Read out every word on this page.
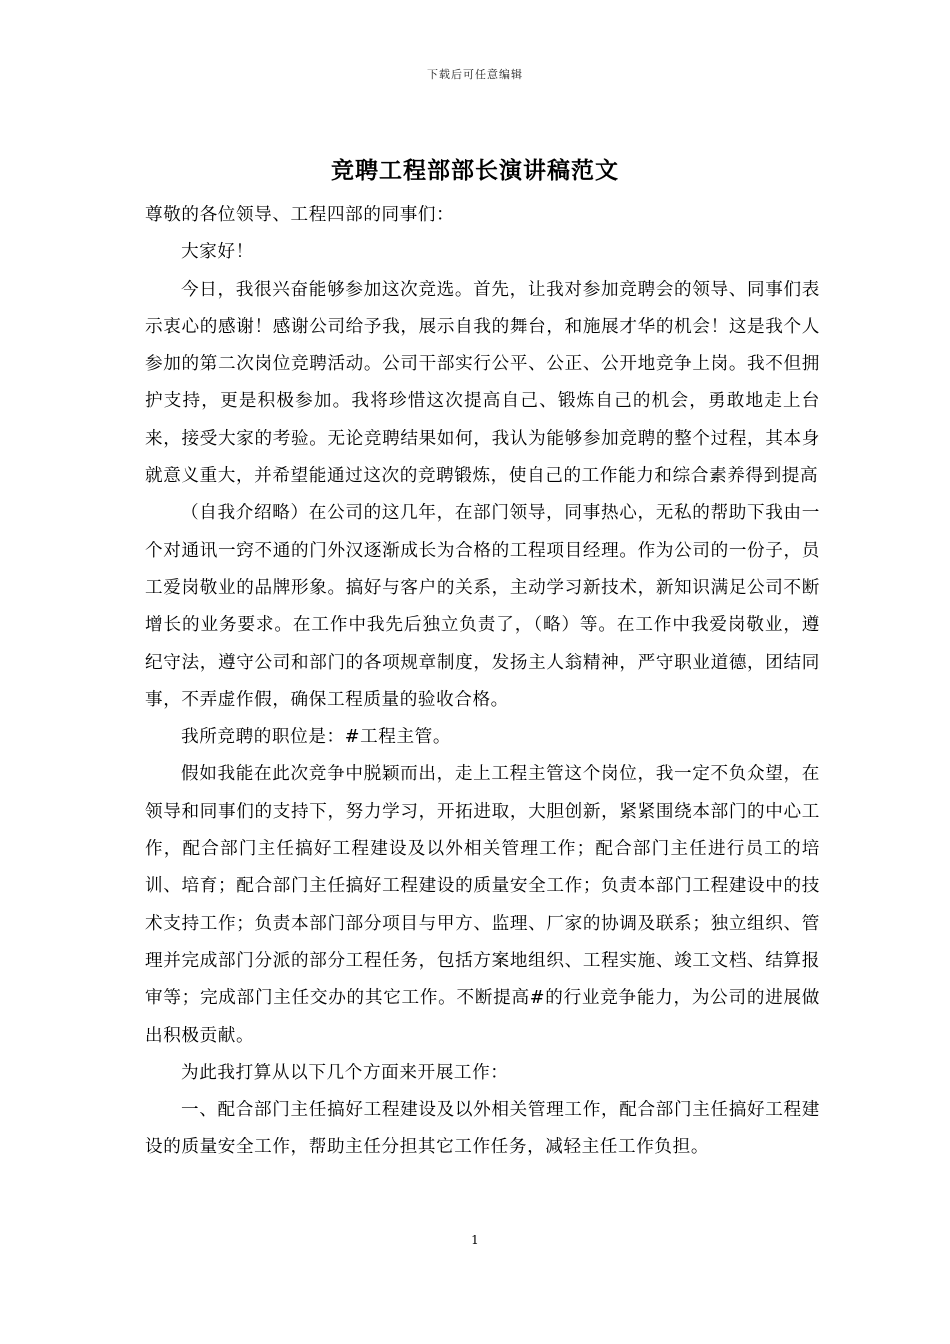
下载后可任意编辑
竞聘工程部部长演讲稿范文

尊敬的各位领导、工程四部的同事们：

大家好！

今日，我很兴奋能够参加这次竞选。首先，让我对参加竞聘会的领导、同事们表示衷心的感谢！感谢公司给予我，展示自我的舞台，和施展才华的机会！这是我个人参加的第二次岗位竞聘活动。公司干部实行公平、公正、公开地竞争上岗。我不但拥护支持，更是积极参加。我将珍惜这次提高自己、锻炼自己的机会，勇敢地走上台来，接受大家的考验。无论竞聘结果如何，我认为能够参加竞聘的整个过程，其本身就意义重大，并希望能通过这次的竞聘锻炼，使自己的工作能力和综合素养得到提高

（自我介绍略）在公司的这几年，在部门领导，同事热心，无私的帮助下我由一个对通讯一窍不通的门外汉逐渐成长为合格的工程项目经理。作为公司的一份子，员工爱岗敬业的品牌形象。搞好与客户的关系，主动学习新技术，新知识满足公司不断增长的业务要求。在工作中我先后独立负责了，（略）等。在工作中我爱岗敬业，遵纪守法，遵守公司和部门的各项规章制度，发扬主人翁精神，严守职业道德，团结同事，不弄虚作假，确保工程质量的验收合格。

我所竞聘的职位是：#工程主管。

假如我能在此次竞争中脱颖而出，走上工程主管这个岗位，我一定不负众望，在领导和同事们的支持下，努力学习，开拓进取，大胆创新，紧紧围绕本部门的中心工作，配合部门主任搞好工程建设及以外相关管理工作；配合部门主任进行员工的培训、培育；配合部门主任搞好工程建设的质量安全工作；负责本部门工程建设中的技术支持工作；负责本部门部分项目与甲方、监理、厂家的协调及联系；独立组织、管理并完成部门分派的部分工程任务，包括方案地组织、工程实施、竣工文档、结算报审等；完成部门主任交办的其它工作。不断提高#的行业竞争能力，为公司的进展做出积极贡献。

为此我打算从以下几个方面来开展工作：

一、配合部门主任搞好工程建设及以外相关管理工作，配合部门主任搞好工程建设的质量安全工作，帮助主任分担其它工作任务，减轻主任工作负担。

1
